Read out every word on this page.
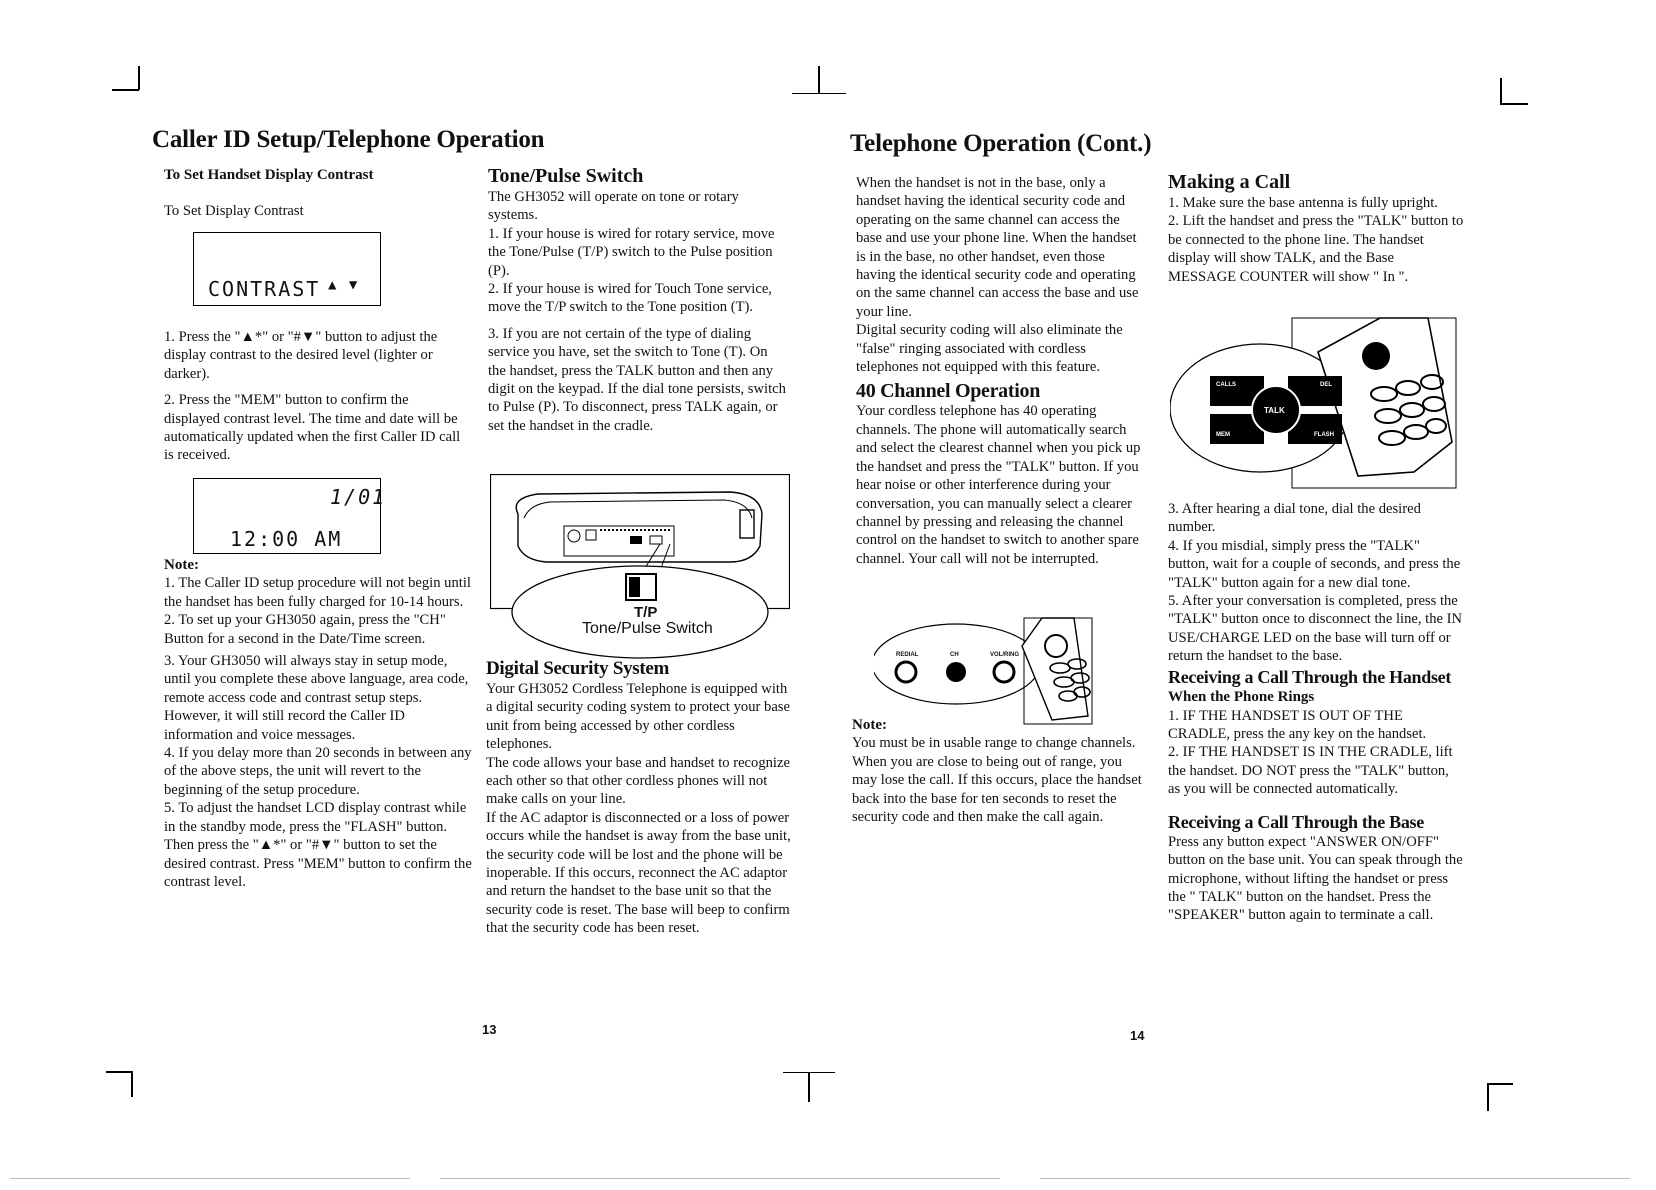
Caller ID Setup/Telephone Operation

To Set Handset Display Contrast

To Set Display Contrast

CONTRAST ▲ ▼

1. Press the "▲*" or "#▼" button to adjust the display contrast to the desired level (lighter or darker).

2. Press the "MEM" button to confirm the displayed contrast level. The time and date will be automatically updated when the first Caller ID call is received.

1/01
12:00 AM

Note:

1. The Caller ID setup procedure will not begin until the handset has been fully charged for 10-14 hours.

2. To set up your GH3050 again, press the "CH" Button for a second in the Date/Time screen.

3. Your GH3050 will always stay in setup mode, until you complete these above language, area code, remote access code and contrast setup steps. However, it will still record the Caller ID information and voice messages.

4. If you delay more than 20 seconds in between any of the above steps, the unit will revert to the beginning of the setup procedure.

5. To adjust the handset LCD display contrast while in the standby mode, press the "FLASH" button. Then press the "▲*" or "#▼" button to set the desired contrast. Press "MEM" button to confirm the contrast level.

Tone/Pulse Switch

The GH3052 will operate on tone or rotary systems.

1. If your house is wired for rotary service, move the Tone/Pulse (T/P) switch to the Pulse position (P).

2. If your house is wired for Touch Tone service, move the T/P switch to the Tone position (T).

3. If you are not certain of the type of dialing service you have, set the switch to Tone (T). On the handset, press the TALK button and then any digit on the keypad. If the dial tone persists, switch to Pulse (P). To disconnect, press TALK again, or set the handset in the cradle.

T/P
Tone/Pulse Switch

Digital Security System

Your GH3052 Cordless Telephone is equipped with a digital security coding system to protect your base unit from being accessed by other cordless telephones.

The code allows your base and handset to recognize each other so that other cordless phones will not make calls on your line.

If the AC adaptor is disconnected or a loss of power occurs while the handset is away from the base unit, the security code will be lost and the phone will be inoperable. If this occurs, reconnect the AC adaptor and return the handset to the base unit so that the security code is reset. The base will beep to confirm that the security code has been reset.

13
Telephone Operation (Cont.)

When the handset is not in the base, only a handset having the identical security code and operating on the same channel can access the base and use your phone line. When the handset is in the base, no other handset, even those having the identical security code and operating on the same channel can access the base and use your line.

Digital security coding will also eliminate the "false" ringing associated with cordless telephones not equipped with this feature.

40 Channel Operation

Your cordless telephone has 40 operating channels. The phone will automatically search and select the clearest channel when you pick up the handset and press the "TALK" button. If you hear noise or other interference during your conversation, you can manually select a clearer channel by pressing and releasing the channel control on the handset to switch to another spare channel. Your call will not be interrupted.

REDIAL	CH	VOL/RING

Note:

You must be in usable range to change channels. When you are close to being out of range, you may lose the call. If this occurs, place the handset back into the base for ten seconds to reset the security code and then make the call again.

Making a Call

1. Make sure the base antenna is fully upright.

2. Lift the handset and press the "TALK" button to be connected to the phone line. The handset display will show TALK, and the Base MESSAGE COUNTER will show " In ".

CALLS	DEL
TALK
MEM	FLASH

3. After hearing a dial tone, dial the desired number.

4. If you misdial, simply press the "TALK" button, wait for a couple of seconds, and press the "TALK" button again for a new dial tone.

5. After your conversation is completed, press the "TALK" button once to disconnect the line, the IN USE/CHARGE LED on the base will turn off or return the handset to the base.

Receiving a Call Through the Handset

When the Phone Rings

1. IF THE HANDSET IS OUT OF THE CRADLE, press the any key on the handset.

2. IF THE HANDSET IS IN THE CRADLE, lift the handset. DO NOT press the "TALK" button, as you will be connected automatically.

Receiving a Call Through the Base

Press any button expect "ANSWER ON/OFF" button on the base unit. You can speak through the microphone, without lifting the handset or press the " TALK" button on the handset. Press the "SPEAKER" button again to terminate a call.

14
